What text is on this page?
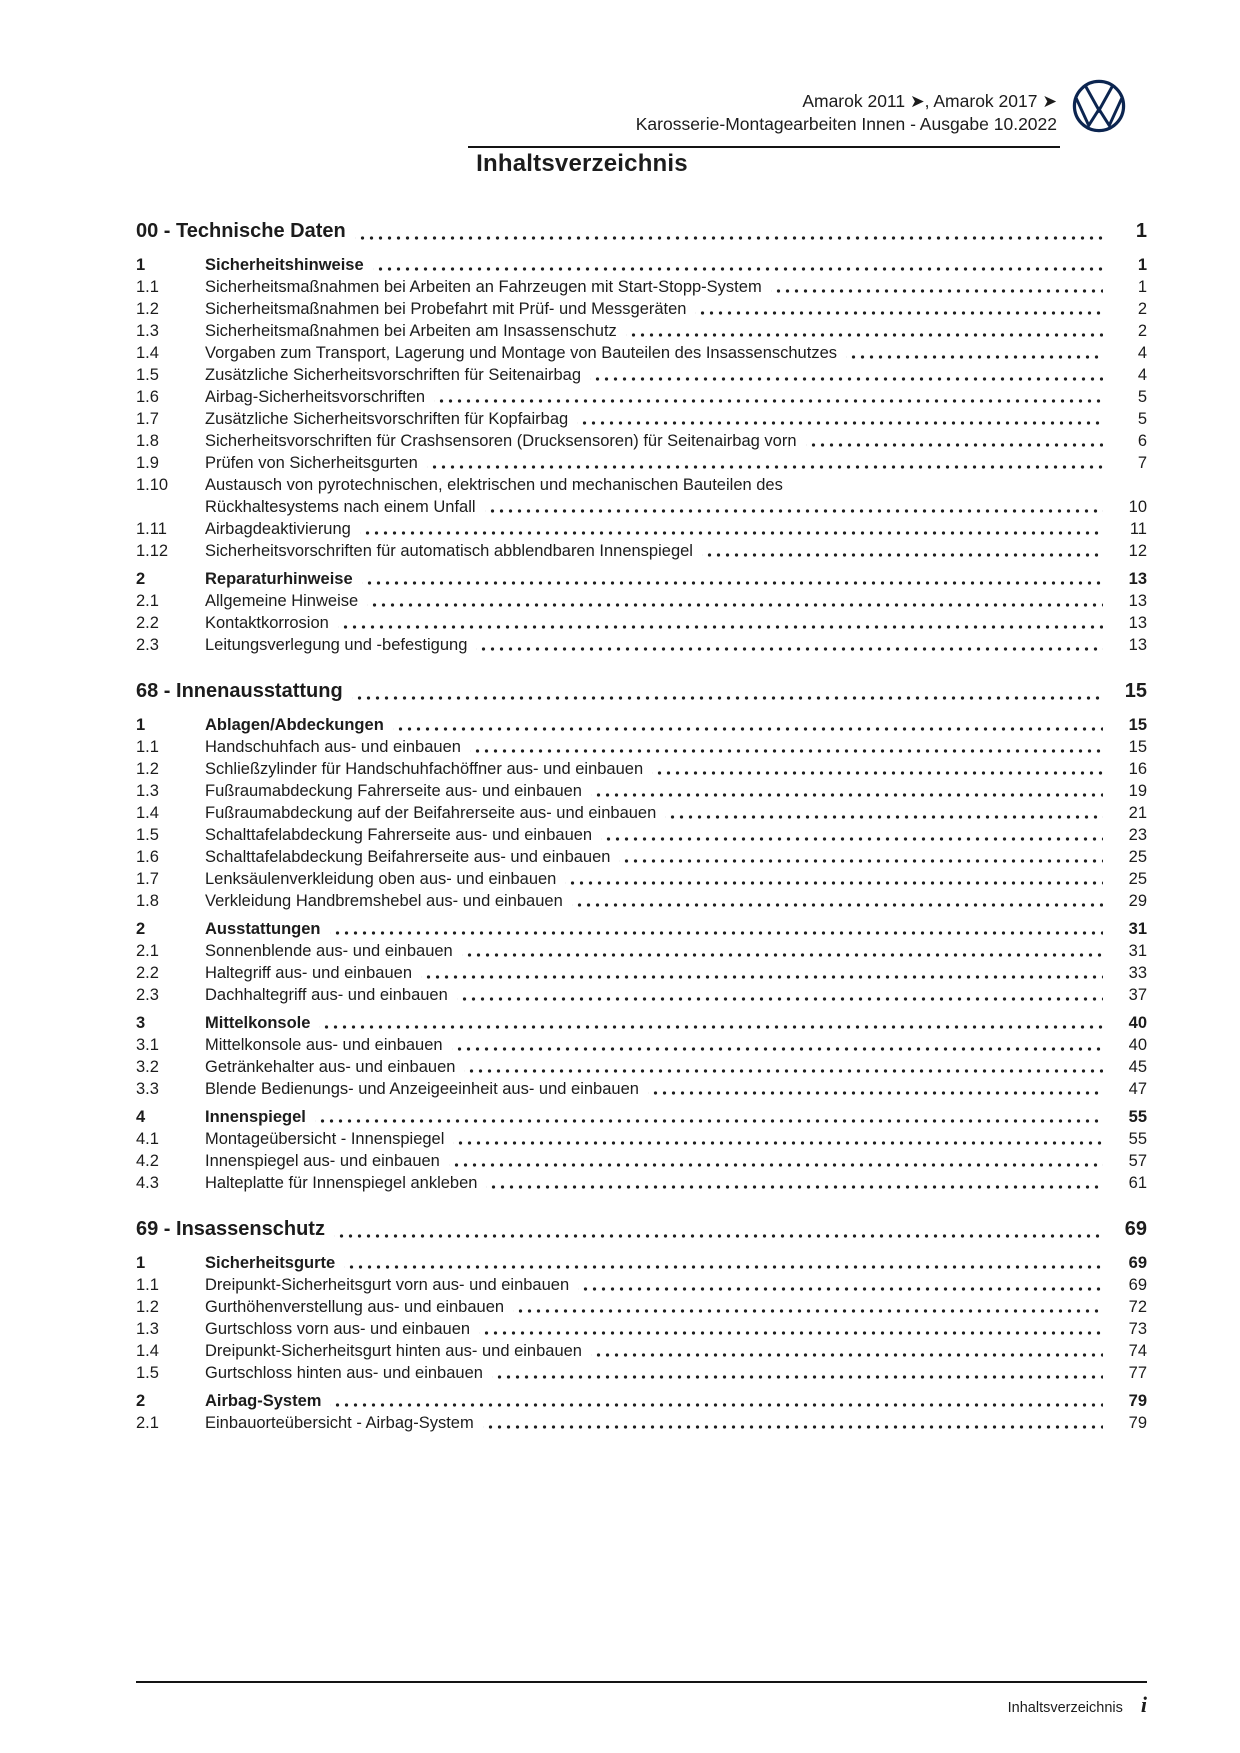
Amarok 2011 ➤, Amarok 2017 ➤
Karosserie-Montagearbeiten Innen - Ausgabe 10.2022
Inhaltsverzeichnis
00 - Technische Daten	1
1	Sicherheitshinweise	1
1.1	Sicherheitsmaßnahmen bei Arbeiten an Fahrzeugen mit Start-Stopp-System	1
1.2	Sicherheitsmaßnahmen bei Probefahrt mit Prüf- und Messgeräten	2
1.3	Sicherheitsmaßnahmen bei Arbeiten am Insassenschutz	2
1.4	Vorgaben zum Transport, Lagerung und Montage von Bauteilen des Insassenschutzes	4
1.5	Zusätzliche Sicherheitsvorschriften für Seitenairbag	4
1.6	Airbag-Sicherheitsvorschriften	5
1.7	Zusätzliche Sicherheitsvorschriften für Kopfairbag	5
1.8	Sicherheitsvorschriften für Crashsensoren (Drucksensoren) für Seitenairbag vorn	6
1.9	Prüfen von Sicherheitsgurten	7
1.10	Austausch von pyrotechnischen, elektrischen und mechanischen Bauteilen des
Rückhaltesystems nach einem Unfall	10
1.11	Airbagdeaktivierung	11
1.12	Sicherheitsvorschriften für automatisch abblendbaren Innenspiegel	12
2	Reparaturhinweise	13
2.1	Allgemeine Hinweise	13
2.2	Kontaktkorrosion	13
2.3	Leitungsverlegung und -befestigung	13
68 - Innenausstattung	15
1	Ablagen/Abdeckungen	15
1.1	Handschuhfach aus- und einbauen	15
1.2	Schließzylinder für Handschuhfachöffner aus- und einbauen	16
1.3	Fußraumabdeckung Fahrerseite aus- und einbauen	19
1.4	Fußraumabdeckung auf der Beifahrerseite aus- und einbauen	21
1.5	Schalttafelabdeckung Fahrerseite aus- und einbauen	23
1.6	Schalttafelabdeckung Beifahrerseite aus- und einbauen	25
1.7	Lenksäulenverkleidung oben aus- und einbauen	25
1.8	Verkleidung Handbremshebel aus- und einbauen	29
2	Ausstattungen	31
2.1	Sonnenblende aus- und einbauen	31
2.2	Haltegriff aus- und einbauen	33
2.3	Dachhaltegriff aus- und einbauen	37
3	Mittelkonsole	40
3.1	Mittelkonsole aus- und einbauen	40
3.2	Getränkehalter aus- und einbauen	45
3.3	Blende Bedienungs- und Anzeigeeinheit aus- und einbauen	47
4	Innenspiegel	55
4.1	Montageübersicht - Innenspiegel	55
4.2	Innenspiegel aus- und einbauen	57
4.3	Halteplatte für Innenspiegel ankleben	61
69 - Insassenschutz	69
1	Sicherheitsgurte	69
1.1	Dreipunkt-Sicherheitsgurt vorn aus- und einbauen	69
1.2	Gurthöhenverstellung aus- und einbauen	72
1.3	Gurtschloss vorn aus- und einbauen	73
1.4	Dreipunkt-Sicherheitsgurt hinten aus- und einbauen	74
1.5	Gurtschloss hinten aus- und einbauen	77
2	Airbag-System	79
2.1	Einbauorteübersicht - Airbag-System	79
Inhaltsverzeichnis i
